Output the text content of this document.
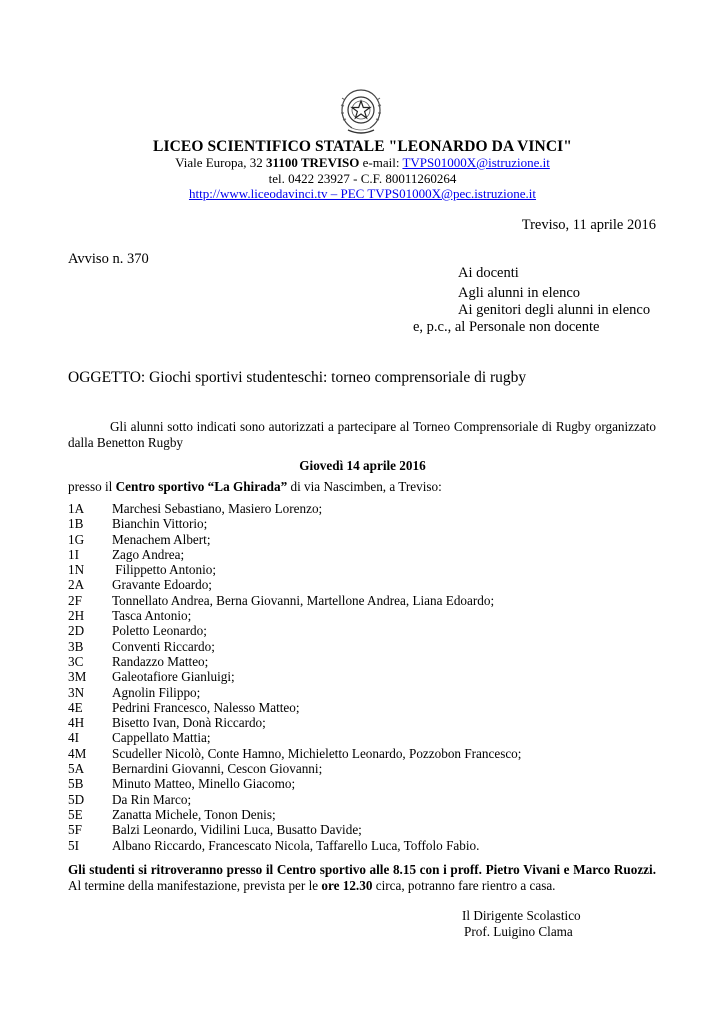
LICEO SCIENTIFICO STATALE "LEONARDO DA VINCI"
Viale Europa, 32 31100 TREVISO e-mail: TVPS01000X@istruzione.it
tel. 0422 23927 - C.F. 80011260264
http://www.liceodavinci.tv – PEC TVPS01000X@pec.istruzione.it
Treviso, 11 aprile 2016
Avviso n. 370
Ai docenti
Agli alunni in elenco
Ai genitori degli alunni in elenco
e, p.c., al Personale non docente
OGGETTO: Giochi sportivi studenteschi: torneo comprensoriale di rugby
Gli alunni sotto indicati sono autorizzati a partecipare al Torneo Comprensoriale di Rugby organizzato dalla Benetton Rugby
Giovedì 14 aprile 2016
presso il Centro sportivo “La Ghirada” di via Nascimben, a Treviso:
1A	Marchesi Sebastiano, Masiero Lorenzo;
1B	Bianchin Vittorio;
1G	Menachem Albert;
1I	Zago Andrea;
1N	Filippetto Antonio;
2A	Gravante Edoardo;
2F	Tonnellato Andrea, Berna Giovanni, Martellone Andrea, Liana Edoardo;
2H	Tasca Antonio;
2D	Poletto Leonardo;
3B	Conventi Riccardo;
3C	Randazzo Matteo;
3M	Galeotafiore Gianluigi;
3N	Agnolin Filippo;
4E	Pedrini Francesco, Nalesso Matteo;
4H	Bisetto Ivan, Donà Riccardo;
4I	Cappellato Mattia;
4M	Scudeller Nicolò, Conte Hamno, Michieletto Leonardo, Pozzobon Francesco;
5A	Bernardini Giovanni, Cescon Giovanni;
5B	Minuto Matteo, Minello Giacomo;
5D	Da Rin Marco;
5E	Zanatta Michele, Tonon Denis;
5F	Balzi Leonardo, Vidilini Luca, Busatto Davide;
5I	Albano Riccardo, Francescato Nicola, Taffarello Luca, Toffolo Fabio.
Gli studenti si ritroveranno presso il Centro sportivo alle 8.15 con i proff. Pietro Vivani e Marco Ruozzi. Al termine della manifestazione, prevista per le ore 12.30 circa, potranno fare rientro a casa.
Il Dirigente Scolastico
Prof. Luigino Clama
